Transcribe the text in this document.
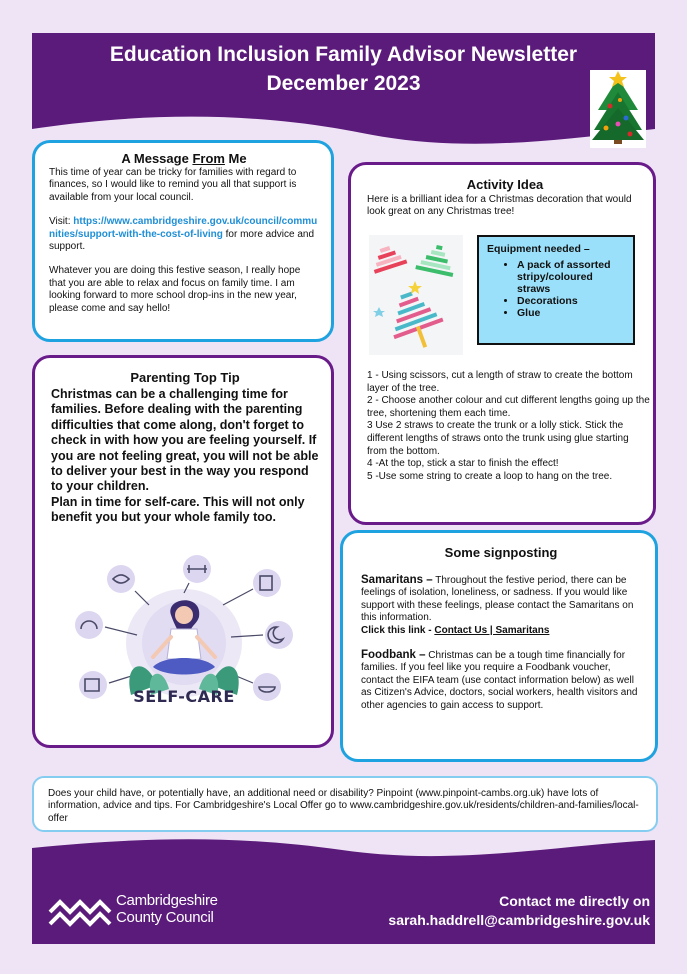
Education Inclusion Family Advisor Newsletter
December 2023
A Message From Me

This time of year can be tricky for families with regard to finances, so I would like to remind you all that support is available from your local council.

Visit: https://www.cambridgeshire.gov.uk/council/communities/support-with-the-cost-of-living for more advice and support.

Whatever you are doing this festive season, I really hope that you are able to relax and focus on family time. I am looking forward to more school drop-ins in the new year, please come and say hello!

Activity Idea
Here is a brilliant idea for a Christmas decoration that would look great on any Christmas tree!
Equipment needed –
• A pack of assorted stripy/coloured straws
• Decorations
• Glue
1 - Using scissors, cut a length of straw to create the bottom layer of the tree.
2 - Choose another colour and cut different lengths going up the tree, shortening them each time.
3 Use 2 straws to create the trunk or a lolly stick. Stick the different lengths of straws onto the trunk using glue starting from the bottom.
4 -At the top, stick a star to finish the effect!
5 -Use some string to create a loop to hang on the tree.
Parenting Top Tip

Christmas can be a challenging time for families. Before dealing with the parenting difficulties that come along, don't forget to check in with how you are feeling yourself. If you are not feeling great, you will not be able to deliver your best in the way you respond to your children.

Plan in time for self-care. This will not only benefit you but your whole family too.

SELF-CARE
Some signposting

Samaritans – Throughout the festive period, there can be feelings of isolation, loneliness, or sadness. If you would like support with these feelings, please contact the Samaritans on this information.
Click this link - Contact Us | Samaritans

Foodbank – Christmas can be a tough time financially for families. If you feel like you require a Foodbank voucher, contact the EIFA team (use contact information below) as well as Citizen's Advice, doctors, social workers, health visitors and other agencies to gain access to support.

Does your child have, or potentially have, an additional need or disability? Pinpoint (www.pinpoint-cambs.org.uk) have lots of information, advice and tips. For Cambridgeshire's Local Offer go to www.cambridgeshire.gov.uk/residents/children-and-families/local-offer
Cambridgeshire
County Council
Contact me directly on
sarah.haddrell@cambridgeshire.gov.uk
